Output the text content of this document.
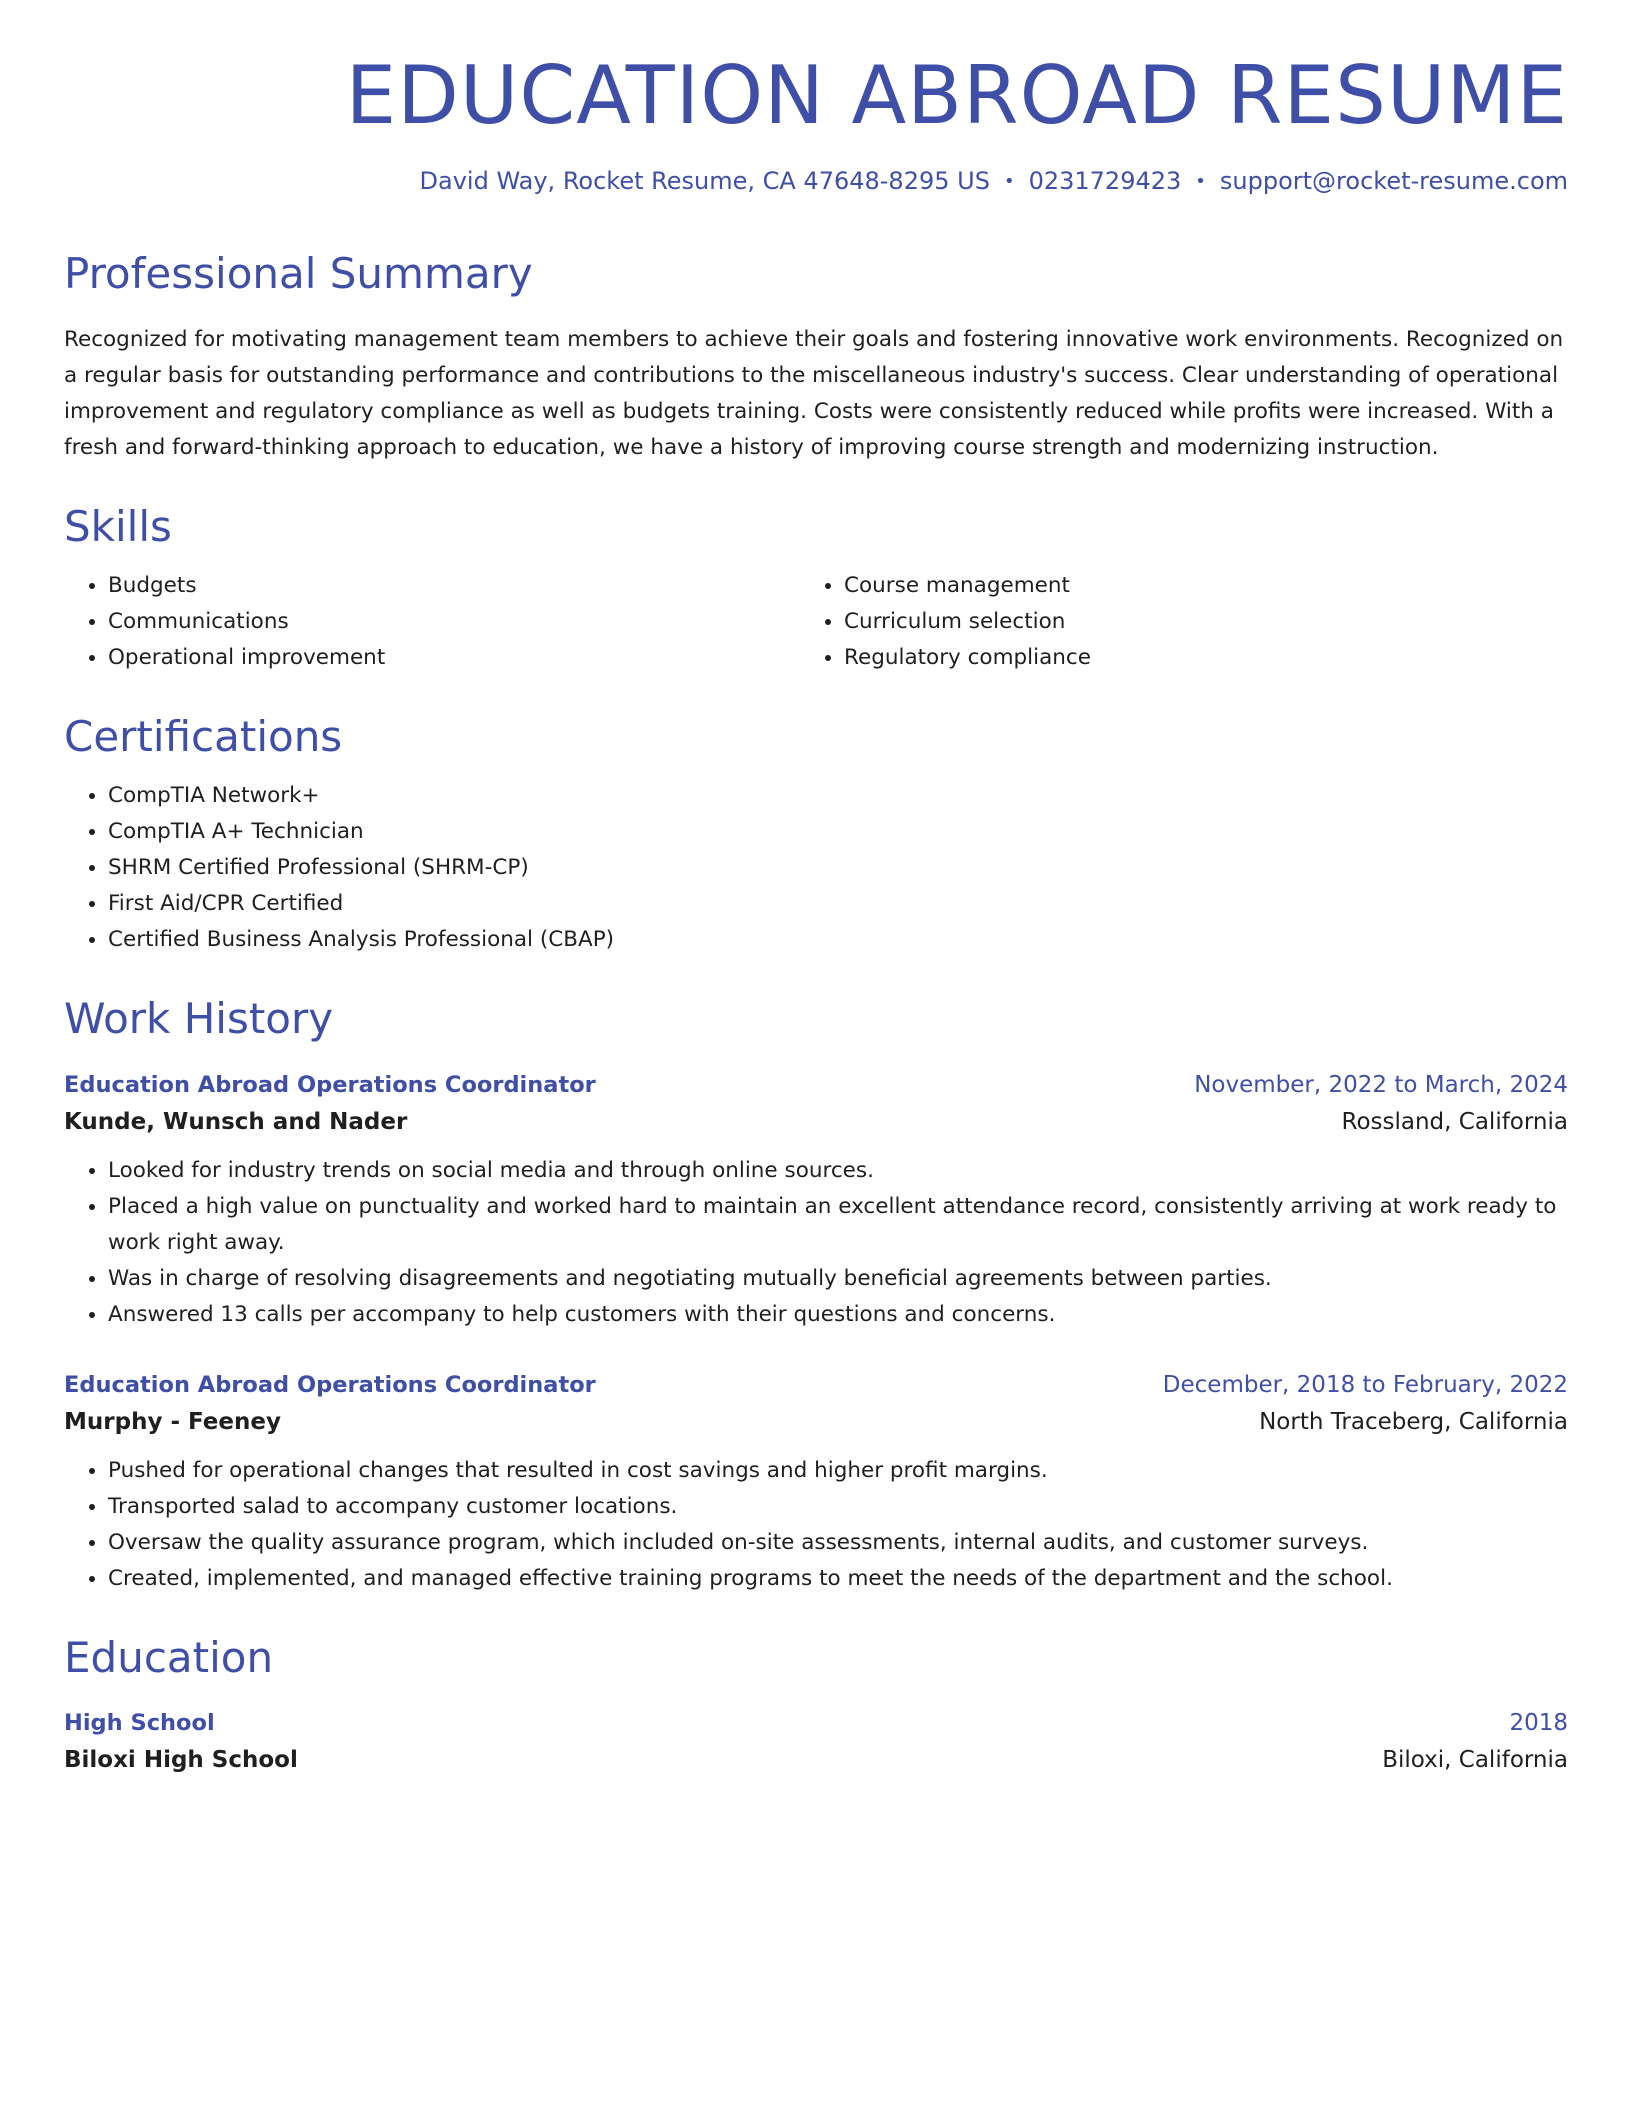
EDUCATION ABROAD RESUME
David Way, Rocket Resume, CA 47648-8295 US • 0231729423 • support@rocket-resume.com
Professional Summary

Recognized for motivating management team members to achieve their goals and fostering innovative work environments. Recognized on a regular basis for outstanding performance and contributions to the miscellaneous industry's success. Clear understanding of operational improvement and regulatory compliance as well as budgets training. Costs were consistently reduced while profits were increased. With a fresh and forward-thinking approach to education, we have a history of improving course strength and modernizing instruction.

Skills
• Budgets
• Communications
• Operational improvement
• Course management
• Curriculum selection
• Regulatory compliance
Certifications
• CompTIA Network+
• CompTIA A+ Technician
• SHRM Certified Professional (SHRM-CP)
• First Aid/CPR Certified
• Certified Business Analysis Professional (CBAP)
Work History
Education Abroad Operations Coordinator	November, 2022 to March, 2024
Kunde, Wunsch and Nader	Rossland, California
• Looked for industry trends on social media and through online sources.
• Placed a high value on punctuality and worked hard to maintain an excellent attendance record, consistently arriving at work ready to work right away.
• Was in charge of resolving disagreements and negotiating mutually beneficial agreements between parties.
• Answered 13 calls per accompany to help customers with their questions and concerns.
Education Abroad Operations Coordinator	December, 2018 to February, 2022
Murphy - Feeney	North Traceberg, California
• Pushed for operational changes that resulted in cost savings and higher profit margins.
• Transported salad to accompany customer locations.
• Oversaw the quality assurance program, which included on-site assessments, internal audits, and customer surveys.
• Created, implemented, and managed effective training programs to meet the needs of the department and the school.
Education
High School	2018
Biloxi High School	Biloxi, California
